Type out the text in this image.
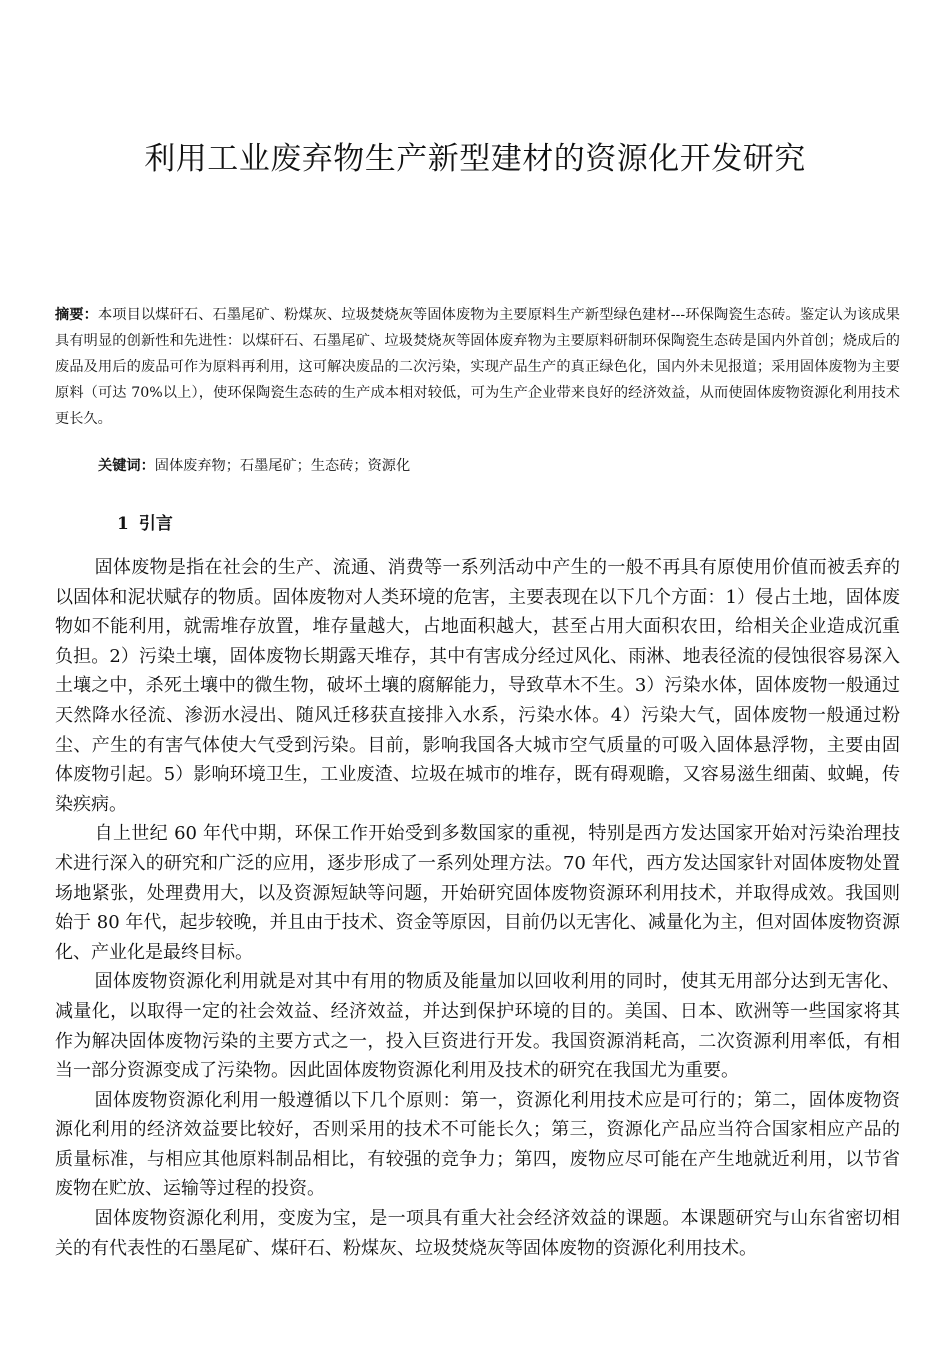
利用工业废弃物生产新型建材的资源化开发研究
摘要：本项目以煤矸石、石墨尾矿、粉煤灰、垃圾焚烧灰等固体废物为主要原料生产新型绿色建材---环保陶瓷生态砖。鉴定认为该成果具有明显的创新性和先进性：以煤矸石、石墨尾矿、垃圾焚烧灰等固体废弃物为主要原料研制环保陶瓷生态砖是国内外首创；烧成后的废品及用后的废品可作为原料再利用，这可解决废品的二次污染，实现产品生产的真正绿色化，国内外未见报道；采用固体废物为主要原料（可达 70%以上），使环保陶瓷生态砖的生产成本相对较低，可为生产企业带来良好的经济效益，从而使固体废物资源化利用技术更长久。
关键词：固体废弃物；石墨尾矿；生态砖；资源化
1 引言

固体废物是指在社会的生产、流通、消费等一系列活动中产生的一般不再具有原使用价值而被丢弃的以固体和泥状赋存的物质。固体废物对人类环境的危害，主要表现在以下几个方面：1）侵占土地，固体废物如不能利用，就需堆存放置，堆存量越大，占地面积越大，甚至占用大面积农田，给相关企业造成沉重负担。2）污染土壤，固体废物长期露天堆存，其中有害成分经过风化、雨淋、地表径流的侵蚀很容易深入土壤之中，杀死土壤中的微生物，破坏土壤的腐解能力，导致草木不生。3）污染水体，固体废物一般通过天然降水径流、渗沥水浸出、随风迁移获直接排入水系，污染水体。4）污染大气，固体废物一般通过粉尘、产生的有害气体使大气受到污染。目前，影响我国各大城市空气质量的可吸入固体悬浮物，主要由固体废物引起。5）影响环境卫生，工业废渣、垃圾在城市的堆存，既有碍观瞻，又容易滋生细菌、蚊蝇，传染疾病。

自上世纪 60 年代中期，环保工作开始受到多数国家的重视，特别是西方发达国家开始对污染治理技术进行深入的研究和广泛的应用，逐步形成了一系列处理方法。70 年代，西方发达国家针对固体废物处置场地紧张，处理费用大，以及资源短缺等问题，开始研究固体废物资源环利用技术，并取得成效。我国则始于 80 年代，起步较晚，并且由于技术、资金等原因，目前仍以无害化、减量化为主，但对固体废物资源化、产业化是最终目标。

固体废物资源化利用就是对其中有用的物质及能量加以回收利用的同时，使其无用部分达到无害化、减量化，以取得一定的社会效益、经济效益，并达到保护环境的目的。美国、日本、欧洲等一些国家将其作为解决固体废物污染的主要方式之一，投入巨资进行开发。我国资源消耗高，二次资源利用率低，有相当一部分资源变成了污染物。因此固体废物资源化利用及技术的研究在我国尤为重要。

固体废物资源化利用一般遵循以下几个原则：第一，资源化利用技术应是可行的；第二，固体废物资源化利用的经济效益要比较好，否则采用的技术不可能长久；第三，资源化产品应当符合国家相应产品的质量标准，与相应其他原料制品相比，有较强的竞争力；第四，废物应尽可能在产生地就近利用，以节省废物在贮放、运输等过程的投资。

固体废物资源化利用，变废为宝，是一项具有重大社会经济效益的课题。本课题研究与山东省密切相关的有代表性的石墨尾矿、煤矸石、粉煤灰、垃圾焚烧灰等固体废物的资源化利用技术。
